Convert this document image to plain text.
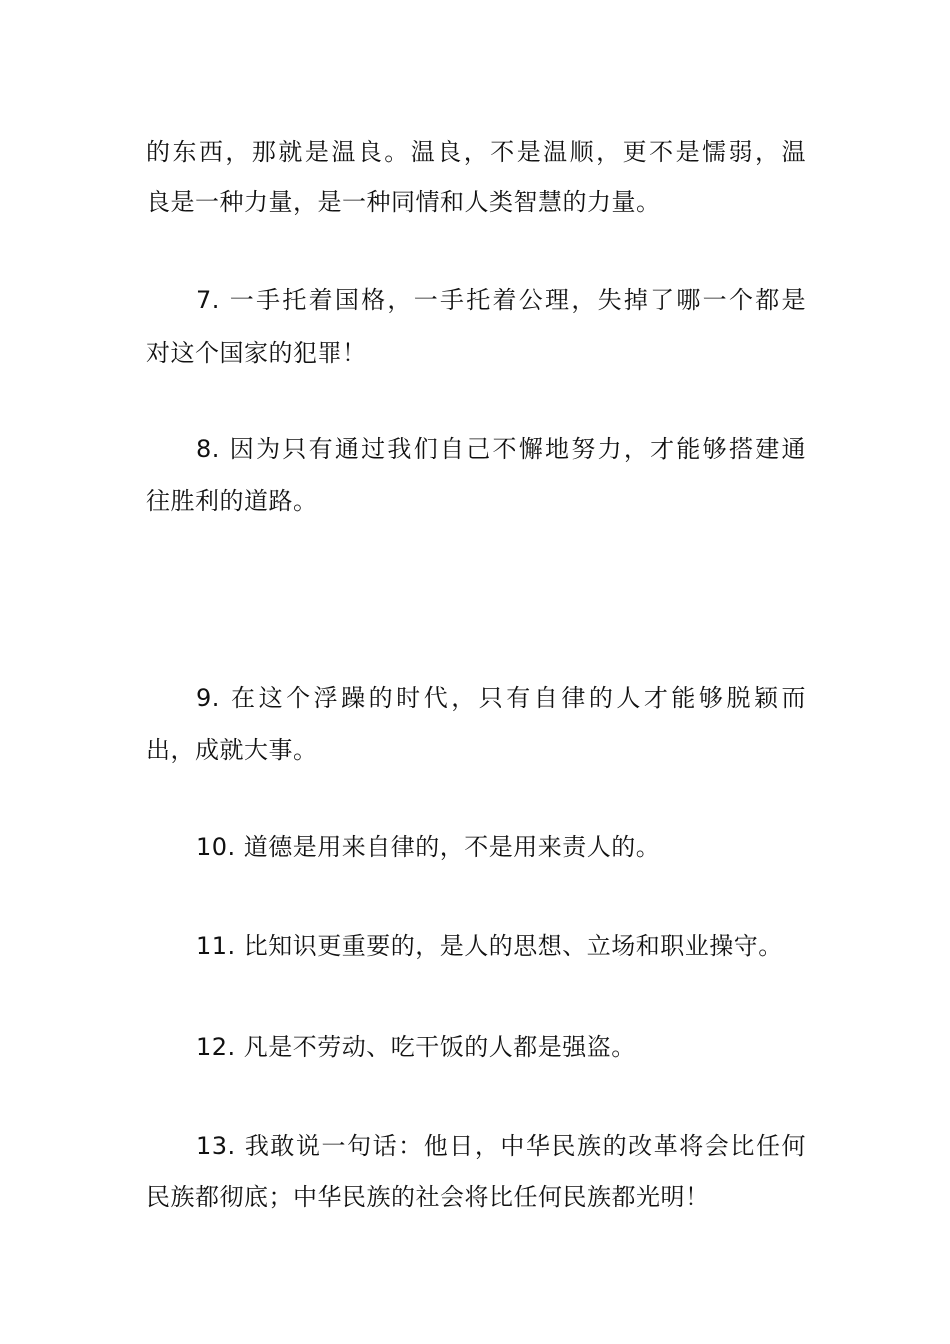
的东西，那就是温良。温良，不是温顺，更不是懦弱，温
良是一种力量，是一种同情和人类智慧的力量。
7. 一手托着国格，一手托着公理，失掉了哪一个都是
对这个国家的犯罪！
8. 因为只有通过我们自己不懈地努力，才能够搭建通
往胜利的道路。
9. 在这个浮躁的时代，只有自律的人才能够脱颖而
出，成就大事。
10. 道德是用来自律的，不是用来责人的。
11. 比知识更重要的，是人的思想、立场和职业操守。
12. 凡是不劳动、吃干饭的人都是强盗。
13. 我敢说一句话：他日，中华民族的改革将会比任何
民族都彻底；中华民族的社会将比任何民族都光明！
